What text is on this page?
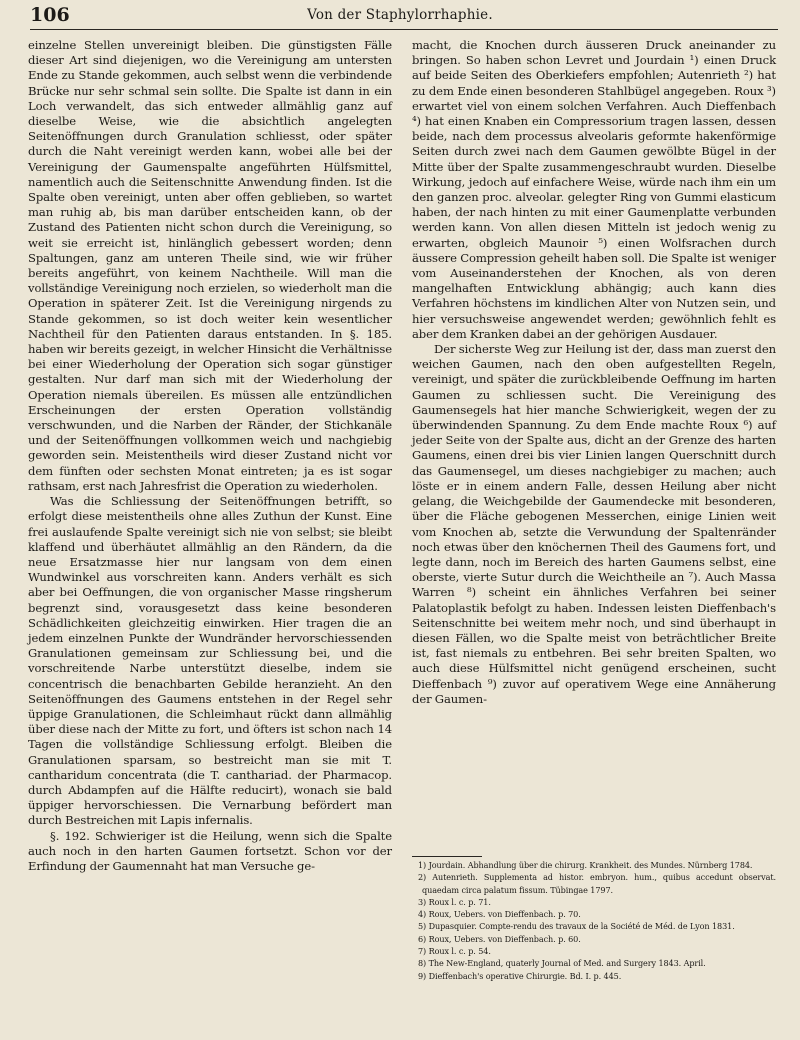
106	Von der Staphylorrhaphie.

einzelne Stellen unvereinigt bleiben. Die günstigsten Fälle dieser Art sind diejenigen, wo die Vereinigung am untersten Ende zu Stande gekommen, auch selbst wenn die verbindende Brücke nur sehr schmal sein sollte. Die Spalte ist dann in ein Loch verwandelt, das sich entweder allmählig ganz auf dieselbe Weise, wie die absichtlich angelegten Seitenöffnungen durch Granulation schliesst, oder später durch die Naht vereinigt werden kann, wobei alle bei der Vereinigung der Gaumenspalte angeführten Hülfsmittel, namentlich auch die Seitenschnitte Anwendung finden. Ist die Spalte oben vereinigt, unten aber offen geblieben, so wartet man ruhig ab, bis man darüber entscheiden kann, ob der Zustand des Patienten nicht schon durch die Vereinigung, so weit sie erreicht ist, hinlänglich gebessert worden; denn Spaltungen, ganz am unteren Theile sind, wie wir früher bereits angeführt, von keinem Nachtheile. Will man die vollständige Vereinigung noch erzielen, so wiederholt man die Operation in späterer Zeit. Ist die Vereinigung nirgends zu Stande gekommen, so ist doch weiter kein wesentlicher Nachtheil für den Patienten daraus entstanden. In §. 185. haben wir bereits gezeigt, in welcher Hinsicht die Verhältnisse bei einer Wiederholung der Operation sich sogar günstiger gestalten. Nur darf man sich mit der Wiederholung der Operation niemals übereilen. Es müssen alle entzündlichen Erscheinungen der ersten Operation vollständig verschwunden, und die Narben der Ränder, der Stichkanäle und der Seitenöffnungen vollkommen weich und nachgiebig geworden sein. Meistentheils wird dieser Zustand nicht vor dem fünften oder sechsten Monat eintreten; ja es ist sogar rathsam, erst nach Jahresfrist die Operation zu wiederholen.

Was die Schliessung der Seitenöffnungen betrifft, so erfolgt diese meistentheils ohne alles Zuthun der Kunst. Eine frei auslaufende Spalte vereinigt sich nie von selbst; sie bleibt klaffend und überhäutet allmählig an den Rändern, da die neue Ersatzmasse hier nur langsam von dem einen Wundwinkel aus vorschreiten kann. Anders verhält es sich aber bei Oeffnungen, die von organischer Masse ringsherum begrenzt sind, vorausgesetzt dass keine besonderen Schädlichkeiten gleichzeitig einwirken. Hier tragen die an jedem einzelnen Punkte der Wundränder hervorschiessenden Granulationen gemeinsam zur Schliessung bei, und die vorschreitende Narbe unterstützt dieselbe, indem sie concentrisch die benachbarten Gebilde heranzieht. An den Seitenöffnungen des Gaumens entstehen in der Regel sehr üppige Granulationen, die Schleimhaut rückt dann allmählig über diese nach der Mitte zu fort, und öfters ist schon nach 14 Tagen die vollständige Schliessung erfolgt. Bleiben die Granulationen sparsam, so bestreicht man sie mit T. cantharidum concentrata (die T. canthariad. der Pharmacop. durch Abdampfen auf die Hälfte reducirt), wonach sie bald üppiger hervorschiessen. Die Vernarbung befördert man durch Bestreichen mit Lapis infernalis.

§. 192. Schwieriger ist die Heilung, wenn sich die Spalte auch noch in den harten Gaumen fortsetzt. Schon vor der Erfindung der Gaumennaht hat man Versuche ge-

macht, die Knochen durch äusseren Druck aneinander zu bringen. So haben schon Levret und Jourdain ¹) einen Druck auf beide Seiten des Oberkiefers empfohlen; Autenrieth ²) hat zu dem Ende einen besonderen Stahlbügel angegeben. Roux ³) erwartet viel von einem solchen Verfahren. Auch Dieffenbach ⁴) hat einen Knaben ein Compressorium tragen lassen, dessen beide, nach dem processus alveolaris geformte hakenförmige Seiten durch zwei nach dem Gaumen gewölbte Bügel in der Mitte über der Spalte zusammengeschraubt wurden. Dieselbe Wirkung, jedoch auf einfachere Weise, würde nach ihm ein um den ganzen proc. alveolar. gelegter Ring von Gummi elasticum haben, der nach hinten zu mit einer Gaumenplatte verbunden werden kann. Von allen diesen Mitteln ist jedoch wenig zu erwarten, obgleich Maunoir ⁵) einen Wolfsrachen durch äussere Compression geheilt haben soll. Die Spalte ist weniger vom Auseinanderstehen der Knochen, als von deren mangelhaften Entwicklung abhängig; auch kann dies Verfahren höchstens im kindlichen Alter von Nutzen sein, und hier versuchsweise angewendet werden; gewöhnlich fehlt es aber dem Kranken dabei an der gehörigen Ausdauer.

Der sicherste Weg zur Heilung ist der, dass man zuerst den weichen Gaumen, nach den oben aufgestellten Regeln, vereinigt, und später die zurückbleibende Oeffnung im harten Gaumen zu schliessen sucht. Die Vereinigung des Gaumensegels hat hier manche Schwierigkeit, wegen der zu überwindenden Spannung. Zu dem Ende machte Roux ⁶) auf jeder Seite von der Spalte aus, dicht an der Grenze des harten Gaumens, einen drei bis vier Linien langen Querschnitt durch das Gaumensegel, um dieses nachgiebiger zu machen; auch löste er in einem andern Falle, dessen Heilung aber nicht gelang, die Weichgebilde der Gaumendecke mit besonderen, über die Fläche gebogenen Messerchen, einige Linien weit vom Knochen ab, setzte die Verwundung der Spaltenränder noch etwas über den knöchernen Theil des Gaumens fort, und legte dann, noch im Bereich des harten Gaumens selbst, eine oberste, vierte Sutur durch die Weichtheile an ⁷). Auch Massa Warren ⁸) scheint ein ähnliches Verfahren bei seiner Palatoplastik befolgt zu haben. Indessen leisten Dieffenbach's Seitenschnitte bei weitem mehr noch, und sind überhaupt in diesen Fällen, wo die Spalte meist von beträchtlicher Breite ist, fast niemals zu entbehren. Bei sehr breiten Spalten, wo auch diese Hülfsmittel nicht genügend erscheinen, sucht Dieffenbach ⁹) zuvor auf operativem Wege eine Annäherung der Gaumen-

1) Jourdain. Abhandlung über die chirurg. Krankheit. des Mundes. Nürnberg 1784.
2) Autenrieth. Supplementa ad histor. embryon. hum., quibus accedunt observat. quaedam circa palatum fissum. Tübingae 1797.
3) Roux l. c. p. 71.
4) Roux, Uebers. von Dieffenbach. p. 70.
5) Dupasquier. Compte-rendu des travaux de la Société de Méd. de Lyon 1831.
6) Roux, Uebers. von Dieffenbach. p. 60.
7) Roux l. c. p. 54.
8) The New-England, quaterly Journal of Med. and Surgery 1843. April.
9) Dieffenbach's operative Chirurgie. Bd. I. p. 445.
